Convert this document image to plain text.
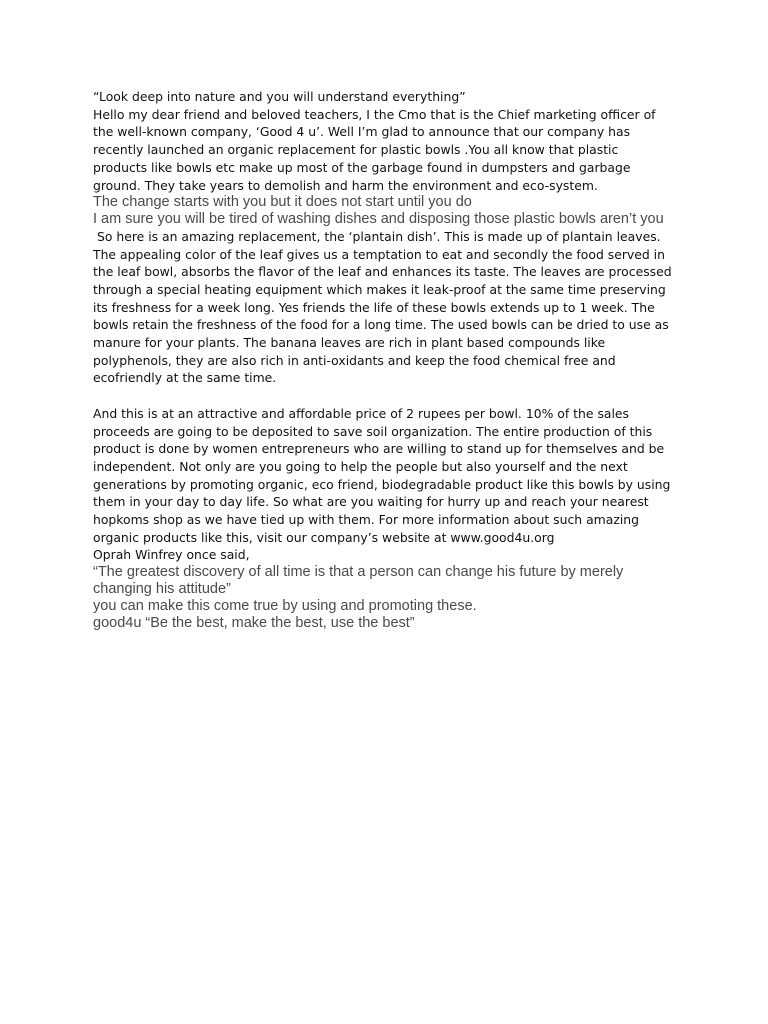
“Look deep into nature and you will understand everything”

Hello my dear friend and beloved teachers, I the Cmo that is the Chief marketing officer of the well-known company, ‘Good 4 u’. Well I’m glad to announce that our company has recently launched an organic replacement for plastic bowls .You all know that plastic products like bowls etc make up most of the garbage found in dumpsters and garbage ground. They take years to demolish and harm the environment and eco-system.

The change starts with you but it does not start until you do

I am sure you will be tired of washing dishes and disposing those plastic bowls aren’t you

So here is an amazing replacement, the ‘plantain dish’. This is made up of plantain leaves. The appealing color of the leaf gives us a temptation to eat and secondly the food served in the leaf bowl, absorbs the flavor of the leaf and enhances its taste. The leaves are processed through a special heating equipment which makes it leak-proof at the same time preserving its freshness for a week long. Yes friends the life of these bowls extends up to 1 week. The bowls retain the freshness of the food for a long time. The used bowls can be dried to use as manure for your plants. The banana leaves are rich in plant based compounds like polyphenols, they are also rich in anti-oxidants and keep the food chemical free and ecofriendly at the same time.

And this is at an attractive and affordable price of 2 rupees per bowl. 10% of the sales proceeds are going to be deposited to save soil organization. The entire production of this product is done by women entrepreneurs who are willing to stand up for themselves and be independent. Not only are you going to help the people but also yourself and the next generations by promoting organic, eco friend, biodegradable product like this bowls by using them in your day to day life. So what are you waiting for hurry up and reach your nearest hopkoms shop as we have tied up with them. For more information about such amazing organic products like this, visit our company’s website at www.good4u.org

Oprah Winfrey once said,

“The greatest discovery of all time is that a person can change his future by merely changing his attitude”

you can make this come true by using and promoting these.

good4u “Be the best, make the best, use the best”
